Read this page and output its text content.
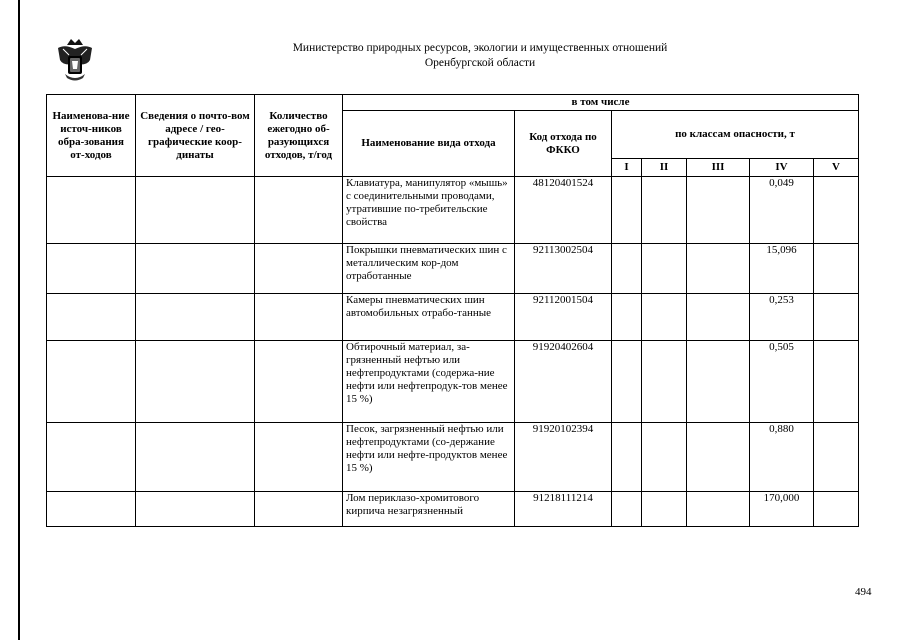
Министерство природных ресурсов, экологии и имущественных отношений
Оренбургской области
Наименова-ние источ-ников обра-зования от-ходов	Сведения о почто-вом адресе / гео-графические коор-динаты	Количество ежегодно об-разующихся отходов, т/год	в том числе						
			Наименование вида отхода	Код отхода по ФККО	по классам опасности, т				
					I	II	III	IV	V
			Клавиатура, манипулятор «мышь» с соединительными проводами, утратившие по-требительские свойства	48120401524				0,049	
			Покрышки пневматических шин с металлическим кор-дом отработанные	92113002504				15,096	
			Камеры пневматических шин автомобильных отрабо-танные	92112001504				0,253	
			Обтирочный материал, за-грязненный нефтью или нефтепродуктами (содержа-ние нефти или нефтепродук-тов менее 15 %)	91920402604				0,505	
			Песок, загрязненный нефтью или нефтепродуктами (со-держание нефти или нефте-продуктов менее 15 %)	91920102394				0,880	
			Лом периклазо-хромитового кирпича незагрязненный	91218111214				170,000	
494
